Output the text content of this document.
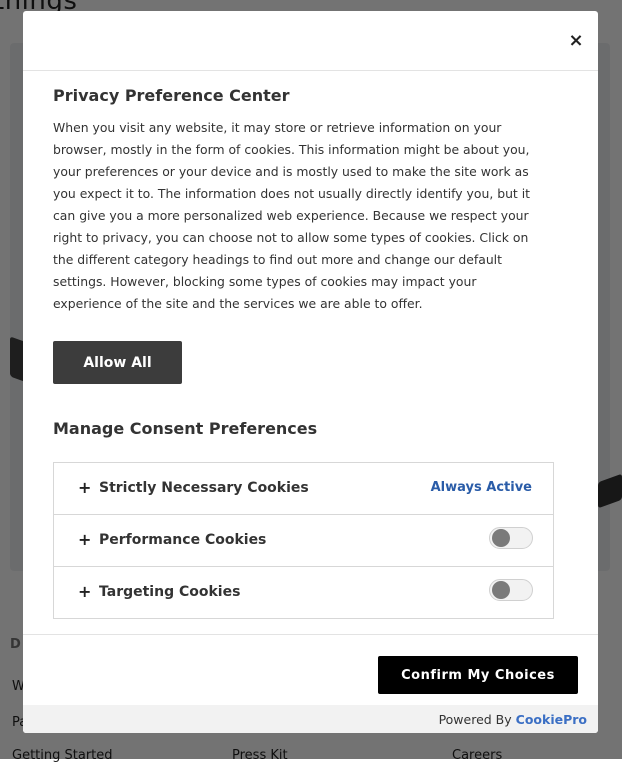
×
Privacy Preference Center
When you visit any website, it may store or retrieve information on your browser, mostly in the form of cookies. This information might be about you, your preferences or your device and is mostly used to make the site work as you expect it to. The information does not usually directly identify you, but it can give you a more personalized web experience. Because we respect your right to privacy, you can choose not to allow some types of cookies. Click on the different category headings to find out more and change our default settings. However, blocking some types of cookies may impact your experience of the site and the services we are able to offer.
Allow All
Manage Consent Preferences
+ Strictly Necessary Cookies	Always Active
+ Performance Cookies
+ Targeting Cookies
Confirm My Choices
Powered By CookiePro
